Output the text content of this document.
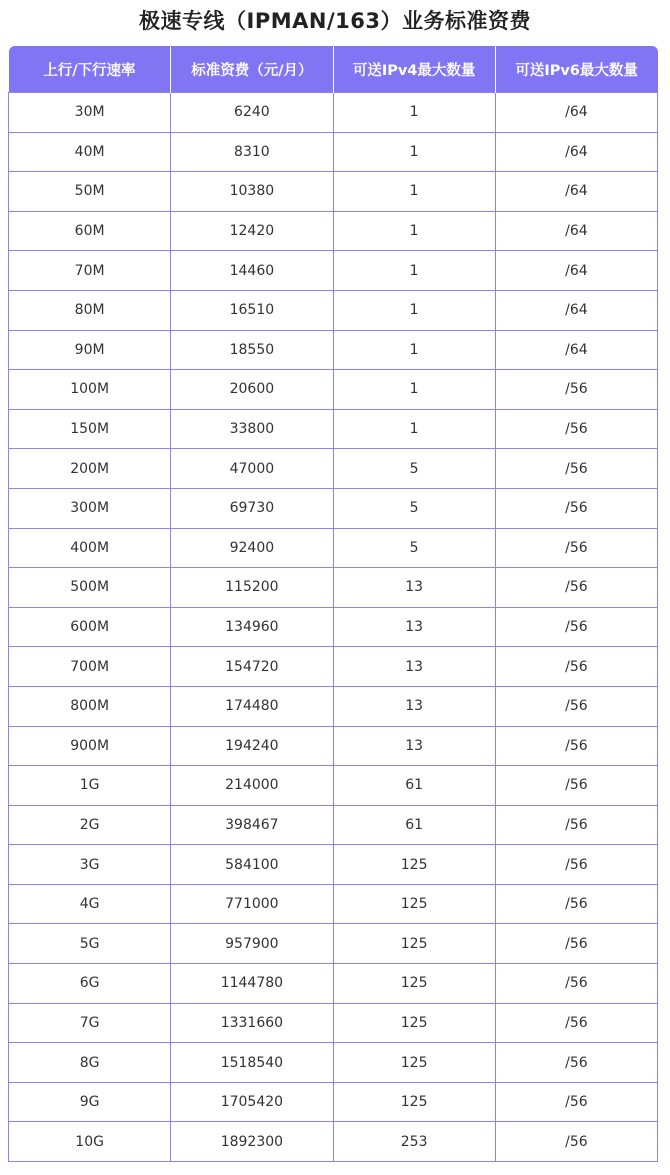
极速专线（IPMAN/163）业务标准资费
上行/下行速率	标准资费（元/月）	可送IPv4最大数量	可送IPv6最大数量
30M	6240	1	/64
40M	8310	1	/64
50M	10380	1	/64
60M	12420	1	/64
70M	14460	1	/64
80M	16510	1	/64
90M	18550	1	/64
100M	20600	1	/56
150M	33800	1	/56
200M	47000	5	/56
300M	69730	5	/56
400M	92400	5	/56
500M	115200	13	/56
600M	134960	13	/56
700M	154720	13	/56
800M	174480	13	/56
900M	194240	13	/56
1G	214000	61	/56
2G	398467	61	/56
3G	584100	125	/56
4G	771000	125	/56
5G	957900	125	/56
6G	1144780	125	/56
7G	1331660	125	/56
8G	1518540	125	/56
9G	1705420	125	/56
10G	1892300	253	/56
